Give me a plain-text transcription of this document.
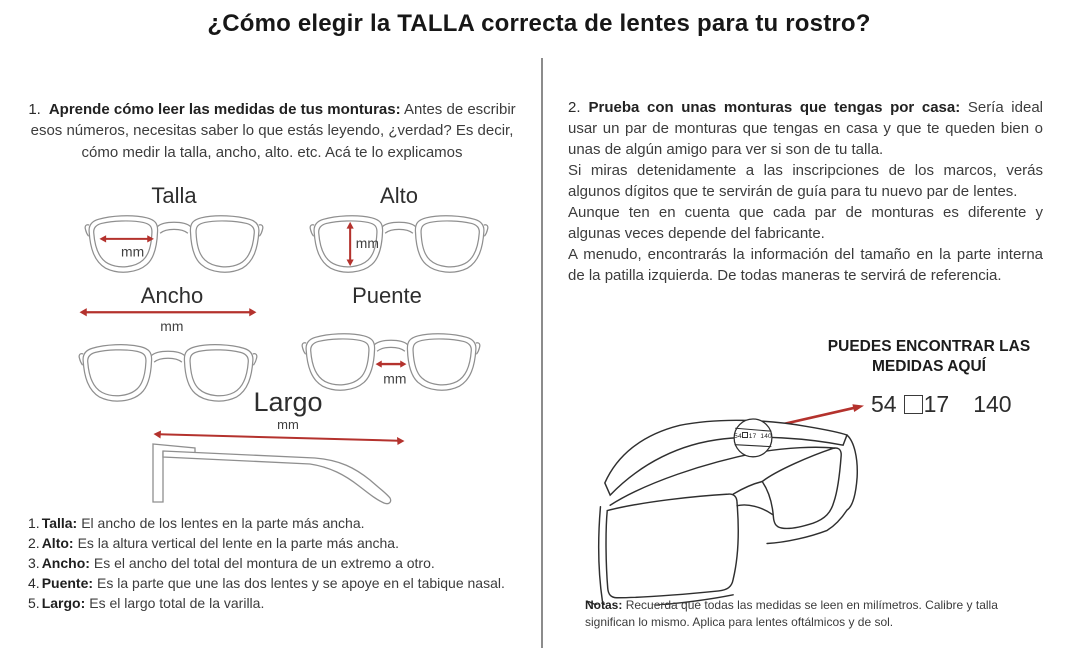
¿Cómo elegir la TALLA correcta de lentes para tu rostro?
1. Aprende cómo leer las medidas de tus monturas: Antes de escribir esos números, necesitas saber lo que estás leyendo, ¿verdad? Es decir, cómo medir la talla, ancho, alto. etc. Acá te lo explicamos
Talla
mm
Alto
mm
Ancho
mm
Puente
mm
Largo
mm
1. Talla: El ancho de los lentes en la parte más ancha.
2. Alto: Es la altura vertical del lente en la parte más ancha.
3. Ancho: Es el ancho del total del montura de un extremo a otro.
4. Puente: Es la parte que une las dos lentes y se apoye en el tabique nasal.
5. Largo: Es el largo total de la varilla.

2. Prueba con unas monturas que tengas por casa: Sería ideal usar un par de monturas que tengas en casa y que te queden bien o unas de algún amigo para ver si son de tu talla.

Si miras detenidamente a las inscripciones de los marcos, verás algunos dígitos que te servirán de guía para tu nuevo par de lentes.

Aunque ten en cuenta que cada par de monturas es diferente y algunas veces depende del fabricante.

A menudo, encontrarás la información del tamaño en la parte interna de la patilla izquierda. De todas maneras te servirá de referencia.

PUEDES ENCONTRAR LAS MEDIDAS AQUÍ
54 17 140
54 17 140
Notas: Recuerda que todas las medidas se leen en milímetros. Calibre y talla significan lo mismo. Aplica para lentes oftálmicos y de sol.
